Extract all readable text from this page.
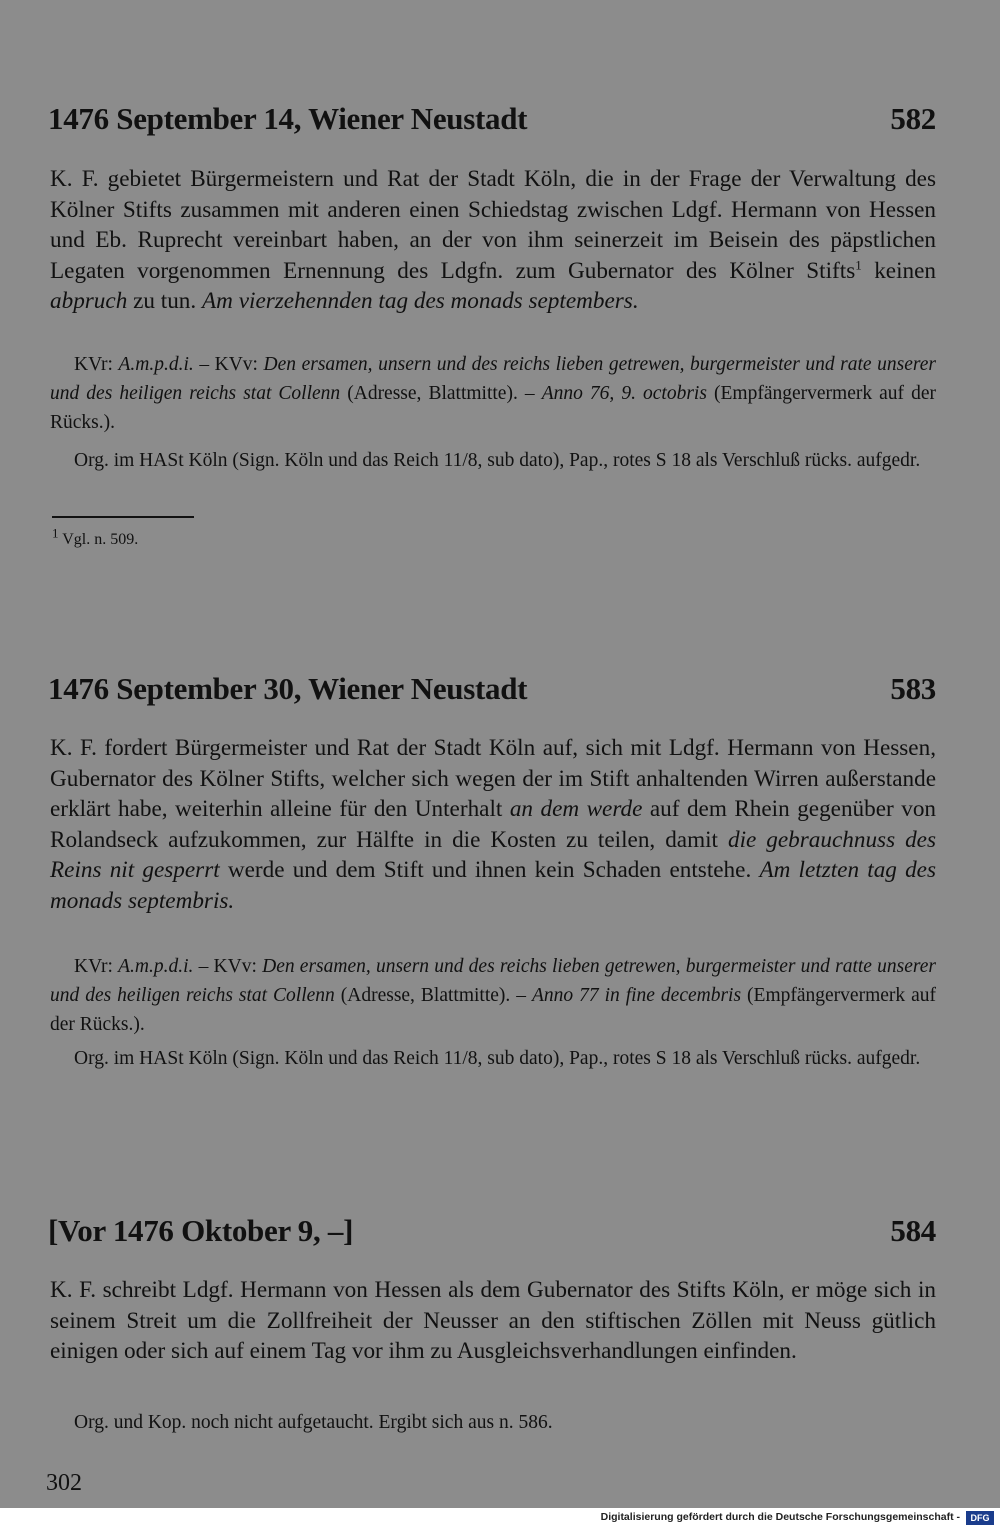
1476 September 14, Wiener Neustadt	582
K. F. gebietet Bürgermeistern und Rat der Stadt Köln, die in der Frage der Verwaltung des Kölner Stifts zusammen mit anderen einen Schiedstag zwischen Ldgf. Hermann von Hessen und Eb. Ruprecht vereinbart haben, an der von ihm seinerzeit im Beisein des päpstlichen Legaten vorgenommen Ernennung des Ldgfn. zum Gubernator des Kölner Stifts$^1$ keinen abpruch zu tun. Am vierzehennden tag des monads septembers.
KVr: A.m.p.d.i. – KVv: Den ersamen, unsern und des reichs lieben getrewen, burgermeister und rate unserer und des heiligen reichs stat Collenn (Adresse, Blattmitte). – Anno 76, 9. octobris (Empfängervermerk auf der Rücks.).
Org. im HASt Köln (Sign. Köln und das Reich 11/8, sub dato), Pap., rotes S 18 als Verschluß rücks. aufgedr.
$^1$ Vgl. n. 509.
1476 September 30, Wiener Neustadt	583
K. F. fordert Bürgermeister und Rat der Stadt Köln auf, sich mit Ldgf. Hermann von Hessen, Gubernator des Kölner Stifts, welcher sich wegen der im Stift anhaltenden Wirren außerstande erklärt habe, weiterhin alleine für den Unterhalt an dem werde auf dem Rhein gegenüber von Rolandseck aufzukommen, zur Hälfte in die Kosten zu teilen, damit die gebrauchnuss des Reins nit gesperrt werde und dem Stift und ihnen kein Schaden entstehe. Am letzten tag des monads septembris.
KVr: A.m.p.d.i. – KVv: Den ersamen, unsern und des reichs lieben getrewen, burgermeister und ratte unserer und des heiligen reichs stat Collenn (Adresse, Blattmitte). – Anno 77 in fine decembris (Empfängervermerk auf der Rücks.).
Org. im HASt Köln (Sign. Köln und das Reich 11/8, sub dato), Pap., rotes S 18 als Verschluß rücks. aufgedr.
[Vor 1476 Oktober 9, –]	584
K. F. schreibt Ldgf. Hermann von Hessen als dem Gubernator des Stifts Köln, er möge sich in seinem Streit um die Zollfreiheit der Neusser an den stiftischen Zöllen mit Neuss gütlich einigen oder sich auf einem Tag vor ihm zu Ausgleichsverhandlungen einfinden.
Org. und Kop. noch nicht aufgetaucht. Ergibt sich aus n. 586.
302
Digitalisierung gefördert durch die Deutsche Forschungsgemeinschaft -	DFG
